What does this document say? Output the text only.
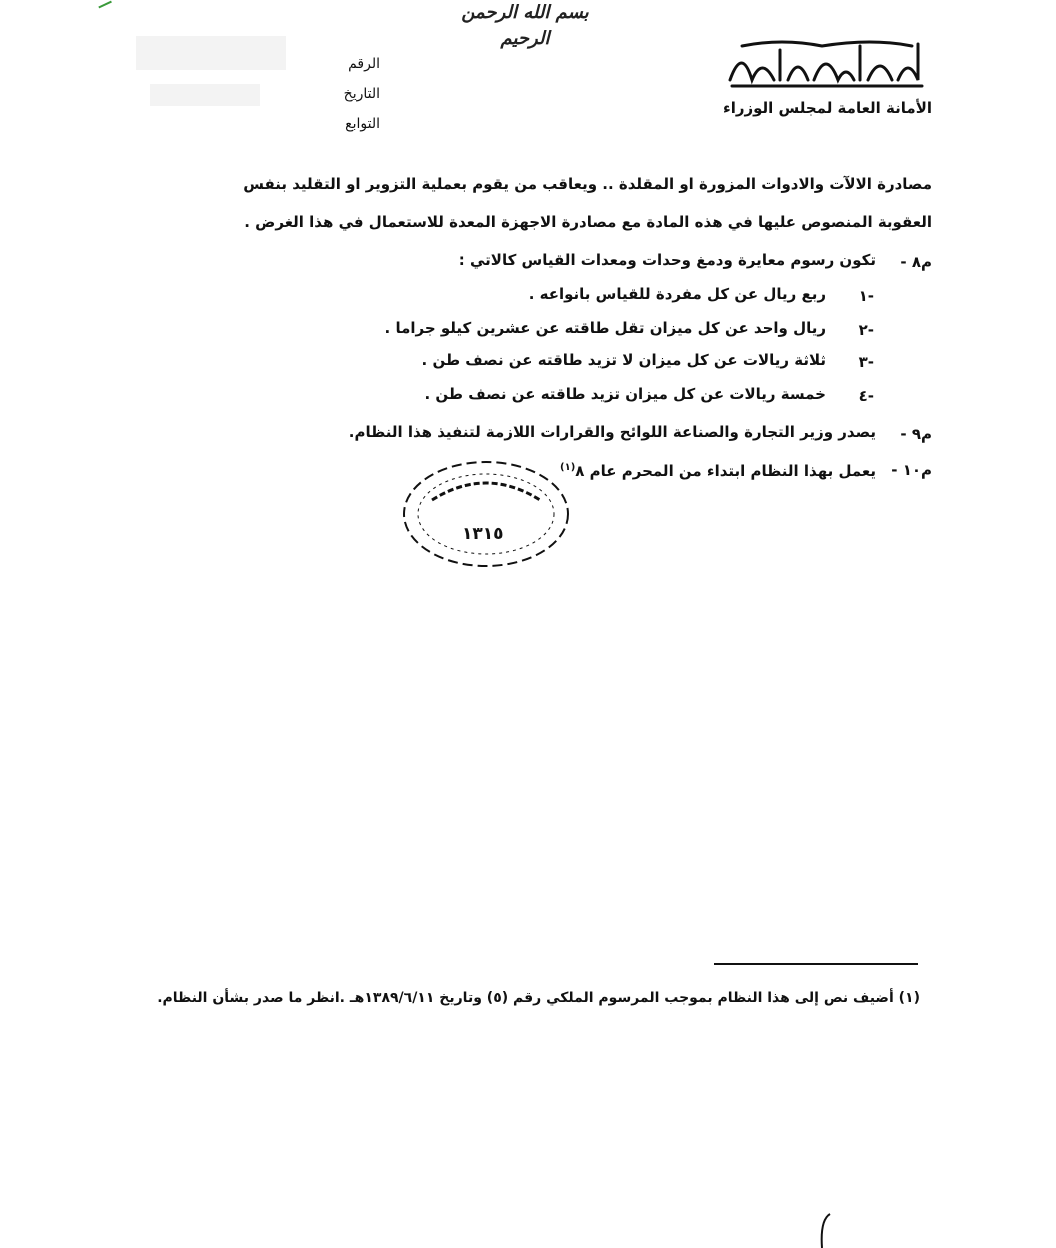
بسم الله الرحمن الرحيم
الأمانة العامة لمجلس الوزراء
الرقم
التاريخ
التوابع
مصادرة الالآت والادوات المزورة او المقلدة .. ويعاقب من يقوم بعملية التزوير او التقليد بنفس
العقوبة المنصوص عليها في هذه المادة مع مصادرة الاجهزة المعدة للاستعمال في هذا الغرض .
م٨ -
تكون رسوم معايرة ودمغ وحدات ومعدات القياس كالاتي :
١-
ربع ريال عن كل مفردة للقياس بانواعه .
٢-
ريال واحد عن كل ميزان تقل طاقته عن عشرين كيلو جراما .
٣-
ثلاثة ريالات عن كل ميزان لا تزيد طاقته عن نصف طن .
٤-
خمسة ريالات عن كل ميزان تزيد طاقته عن نصف طن .
م٩ -
يصدر وزير التجارة والصناعة اللوائح والقرارات اللازمة لتنفيذ هذا النظام.
م١٠ -
يعمل بهذا النظام ابتداء من المحرم عام ٨$^{(١)}$
١٣١٥
(١) أضيف نص إلى هذا النظام بموجب المرسوم الملكي رقم (٥) وتاريخ ١٣٨٩/٦/١١هـ .انظر ما صدر بشأن النظام.
